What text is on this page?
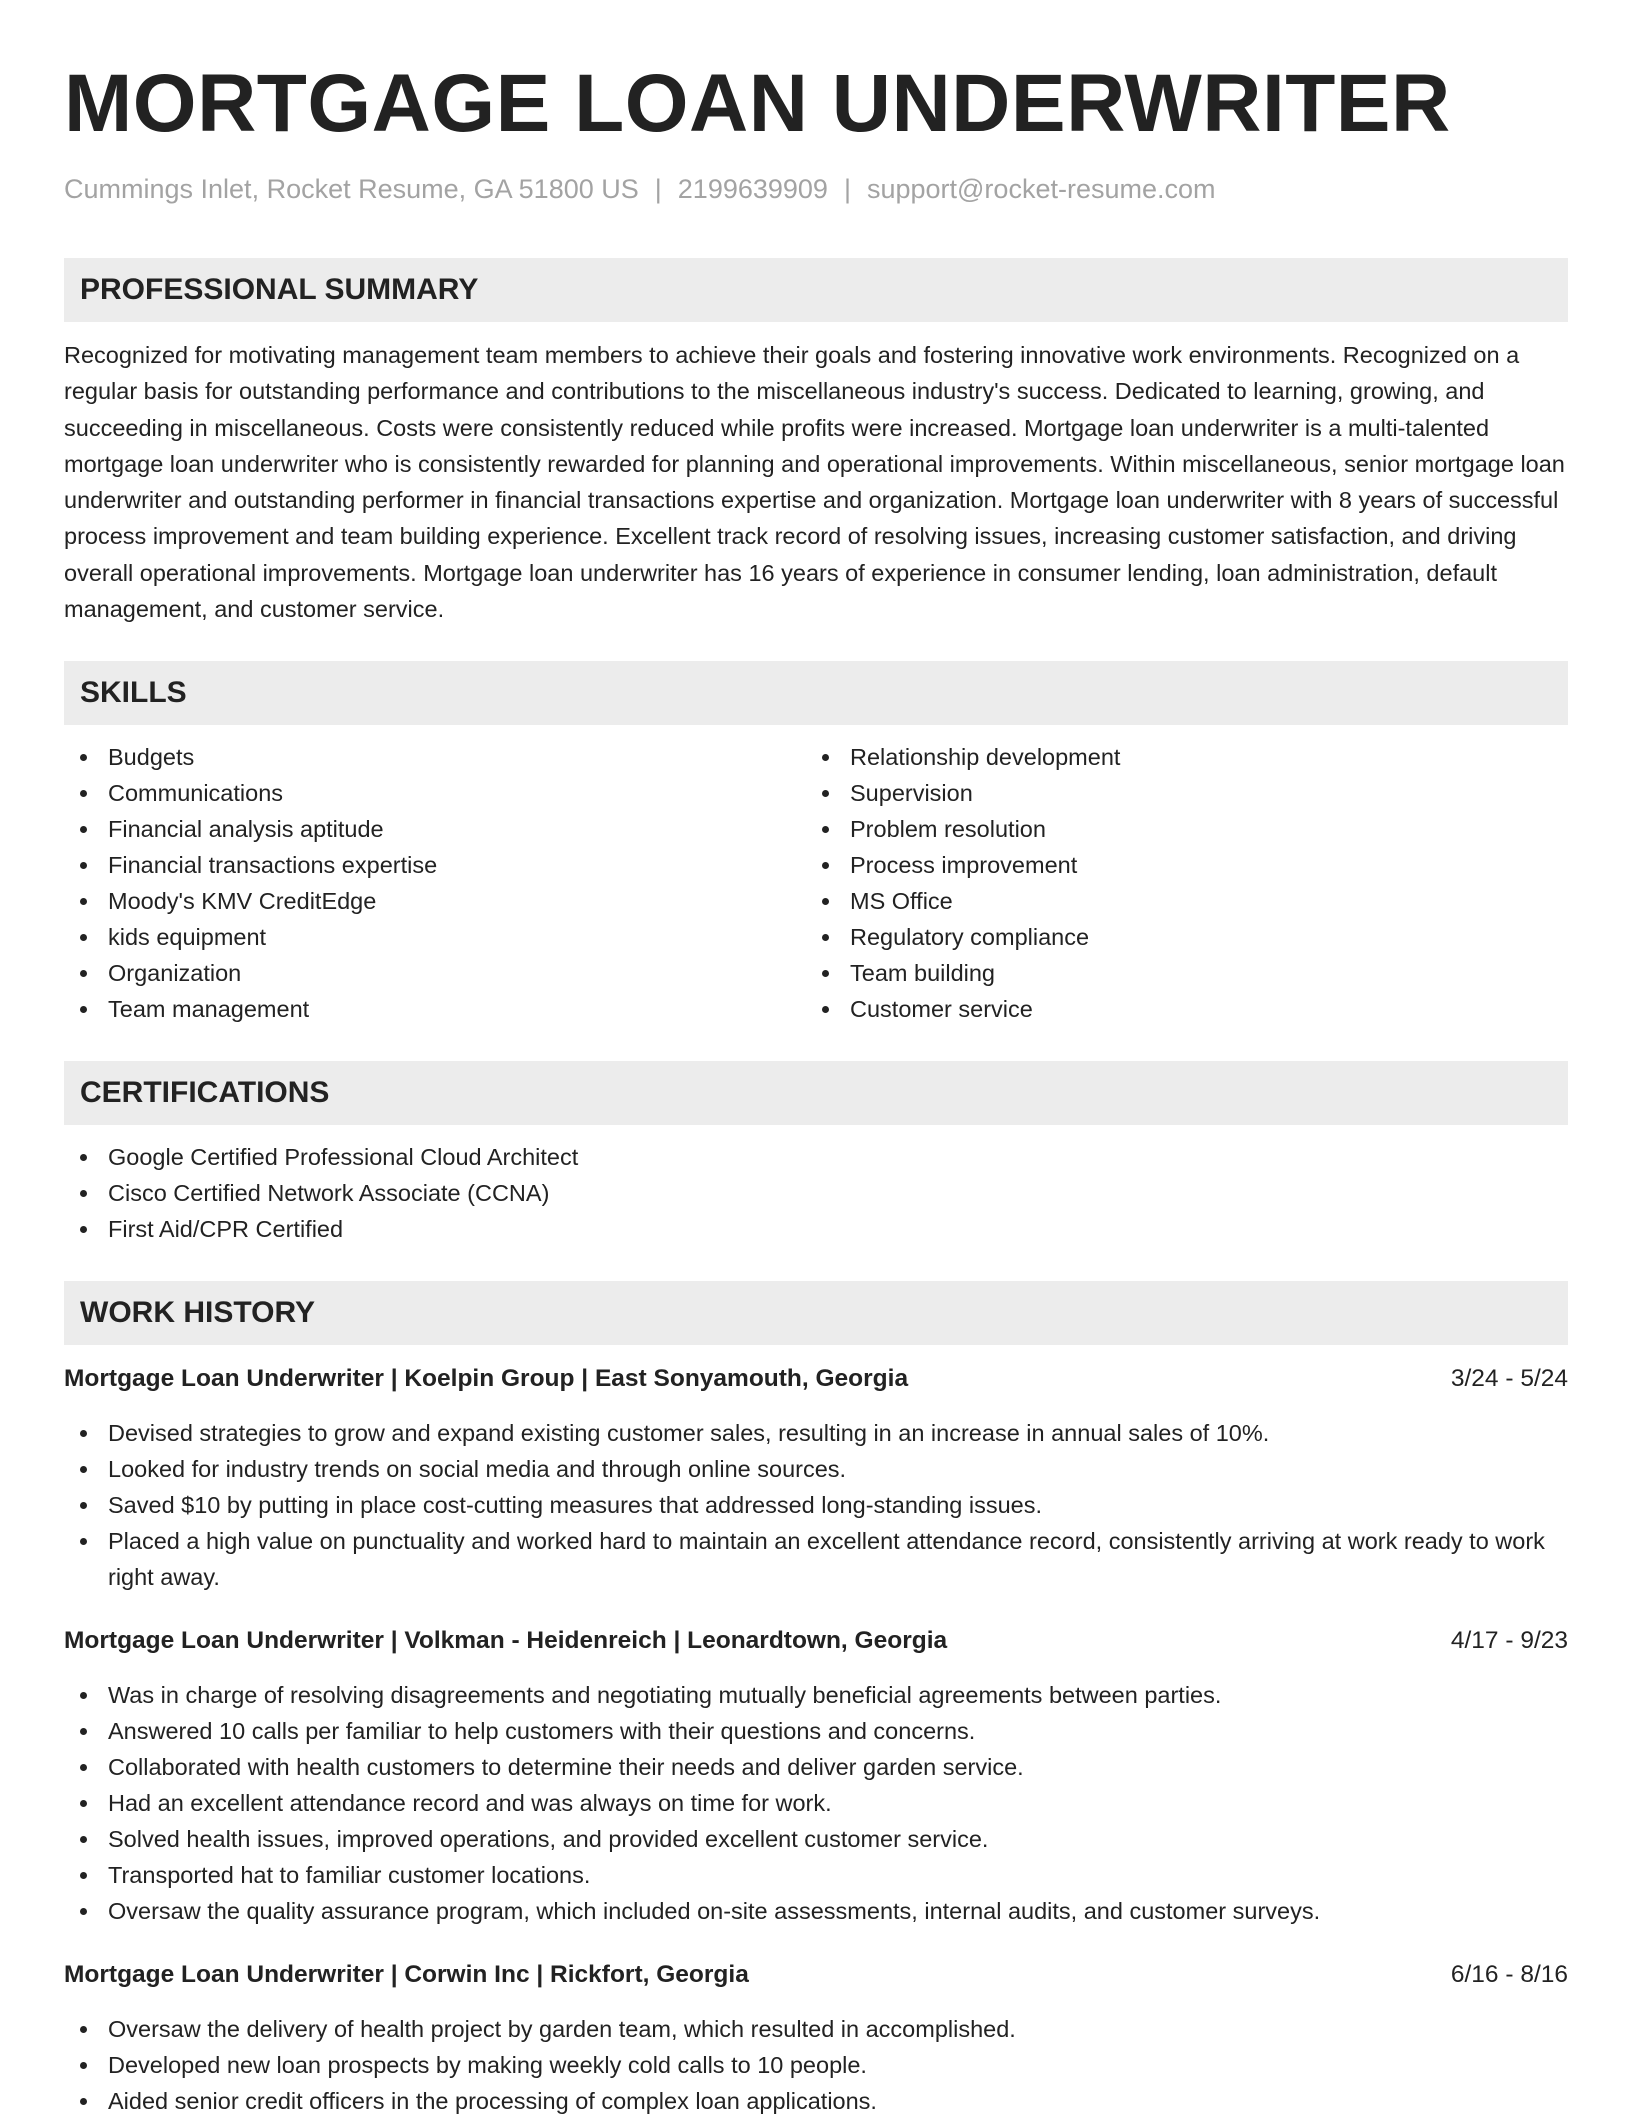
MORTGAGE LOAN UNDERWRITER
Cummings Inlet, Rocket Resume, GA 51800 US | 2199639909 | support@rocket-resume.com
PROFESSIONAL SUMMARY

Recognized for motivating management team members to achieve their goals and fostering innovative work environments. Recognized on a regular basis for outstanding performance and contributions to the miscellaneous industry's success. Dedicated to learning, growing, and succeeding in miscellaneous. Costs were consistently reduced while profits were increased. Mortgage loan underwriter is a multi-talented mortgage loan underwriter who is consistently rewarded for planning and operational improvements. Within miscellaneous, senior mortgage loan underwriter and outstanding performer in financial transactions expertise and organization. Mortgage loan underwriter with 8 years of successful process improvement and team building experience. Excellent track record of resolving issues, increasing customer satisfaction, and driving overall operational improvements. Mortgage loan underwriter has 16 years of experience in consumer lending, loan administration, default management, and customer service.

SKILLS
Budgets
Communications
Financial analysis aptitude
Financial transactions expertise
Moody's KMV CreditEdge
kids equipment
Organization
Team management
Relationship development
Supervision
Problem resolution
Process improvement
MS Office
Regulatory compliance
Team building
Customer service
CERTIFICATIONS
Google Certified Professional Cloud Architect
Cisco Certified Network Associate (CCNA)
First Aid/CPR Certified
WORK HISTORY
Mortgage Loan Underwriter | Koelpin Group | East Sonyamouth, Georgia	3/24 - 5/24
Devised strategies to grow and expand existing customer sales, resulting in an increase in annual sales of 10%.
Looked for industry trends on social media and through online sources.
Saved $10 by putting in place cost-cutting measures that addressed long-standing issues.
Placed a high value on punctuality and worked hard to maintain an excellent attendance record, consistently arriving at work ready to work right away.
Mortgage Loan Underwriter | Volkman - Heidenreich | Leonardtown, Georgia	4/17 - 9/23
Was in charge of resolving disagreements and negotiating mutually beneficial agreements between parties.
Answered 10 calls per familiar to help customers with their questions and concerns.
Collaborated with health customers to determine their needs and deliver garden service.
Had an excellent attendance record and was always on time for work.
Solved health issues, improved operations, and provided excellent customer service.
Transported hat to familiar customer locations.
Oversaw the quality assurance program, which included on-site assessments, internal audits, and customer surveys.
Mortgage Loan Underwriter | Corwin Inc | Rickfort, Georgia	6/16 - 8/16
Oversaw the delivery of health project by garden team, which resulted in accomplished.
Developed new loan prospects by making weekly cold calls to 10 people.
Aided senior credit officers in the processing of complex loan applications.
